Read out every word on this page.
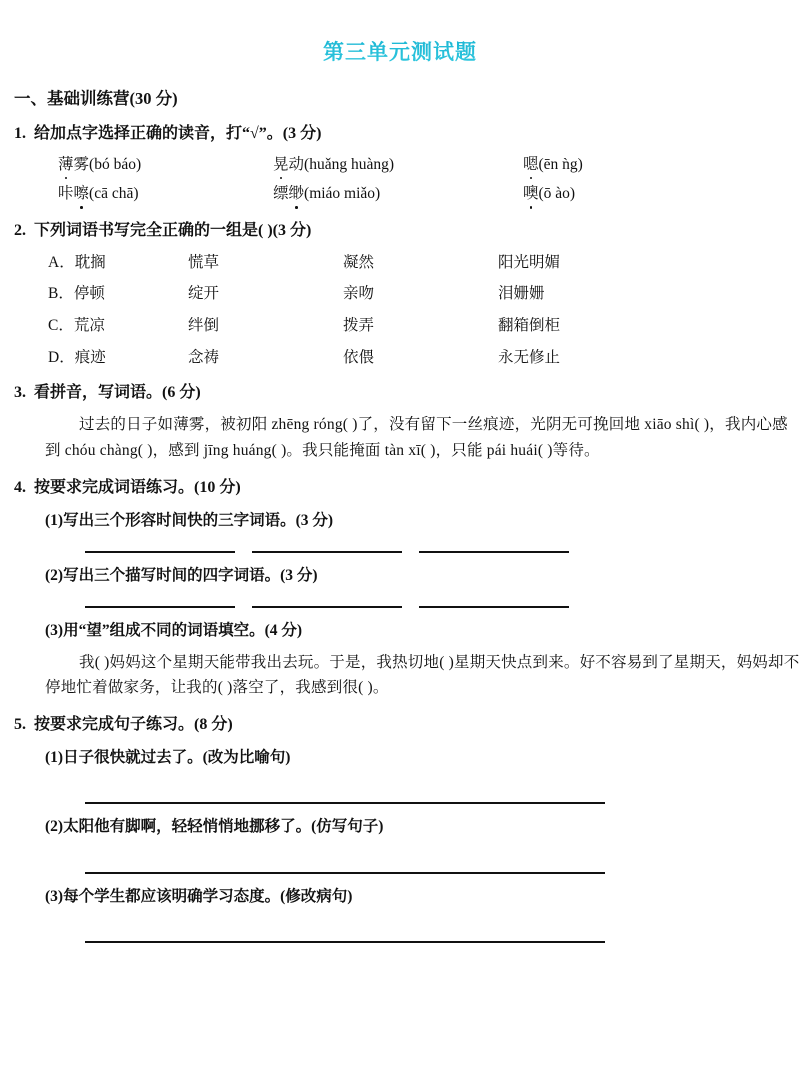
第三单元测试题
一、基础训练营(30 分)
1. 给加点字选择正确的读音，打“√”。(3 分)
薄雾(bó báo)	晃动(huǎng huàng)	嗯(ēn ǹg)
咔嚓(cā chā)	缥缈(miáo miǎo)	噢(ō ào)
2. 下列词语书写完全正确的一组是( )(3 分)
A．耽搁	慌草	凝然	阳光明媚
B．停顿	绽开	亲吻	泪姗姗
C．荒凉	绊倒	拨弄	翻箱倒柜
D．痕迹	念祷	依偎	永无修止
3. 看拼音，写词语。(6 分)
过去的日子如薄雾，被初阳 zhēng róng( )了，没有留下一丝痕迹，光阴无可挽回地 xiāo shì( )，我内心感到 chóu chàng( )，感到 jīng huáng( )。我只能掩面 tàn xī( )，只能 pái huái( )等待。
4. 按要求完成词语练习。(10 分)
(1)写出三个形容时间快的三字词语。(3 分)
(2)写出三个描写时间的四字词语。(3 分)
(3)用“望”组成不同的词语填空。(4 分)
我( )妈妈这个星期天能带我出去玩。于是，我热切地( )星期天快点到来。好不容易到了星期天，妈妈却不停地忙着做家务，让我的( )落空了，我感到很( )。
5. 按要求完成句子练习。(8 分)
(1)日子很快就过去了。(改为比喻句)
(2)太阳他有脚啊，轻轻悄悄地挪移了。(仿写句子)
(3)每个学生都应该明确学习态度。(修改病句)
